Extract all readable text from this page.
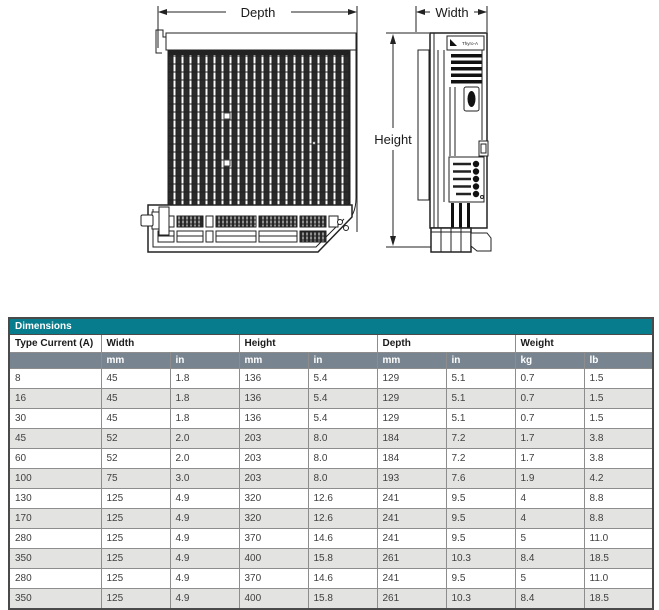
Depth	Width
Height
Thyro-A
Dimensions								
Type Current (A)	Width		Height		Depth		Weight	
	mm	in	mm	in	mm	in	kg	lb
8	45	1.8	136	5.4	129	5.1	0.7	1.5
16	45	1.8	136	5.4	129	5.1	0.7	1.5
30	45	1.8	136	5.4	129	5.1	0.7	1.5
45	52	2.0	203	8.0	184	7.2	1.7	3.8
60	52	2.0	203	8.0	184	7.2	1.7	3.8
100	75	3.0	203	8.0	193	7.6	1.9	4.2
130	125	4.9	320	12.6	241	9.5	4	8.8
170	125	4.9	320	12.6	241	9.5	4	8.8
280	125	4.9	370	14.6	241	9.5	5	11.0
350	125	4.9	400	15.8	261	10.3	8.4	18.5
280	125	4.9	370	14.6	241	9.5	5	11.0
350	125	4.9	400	15.8	261	10.3	8.4	18.5
